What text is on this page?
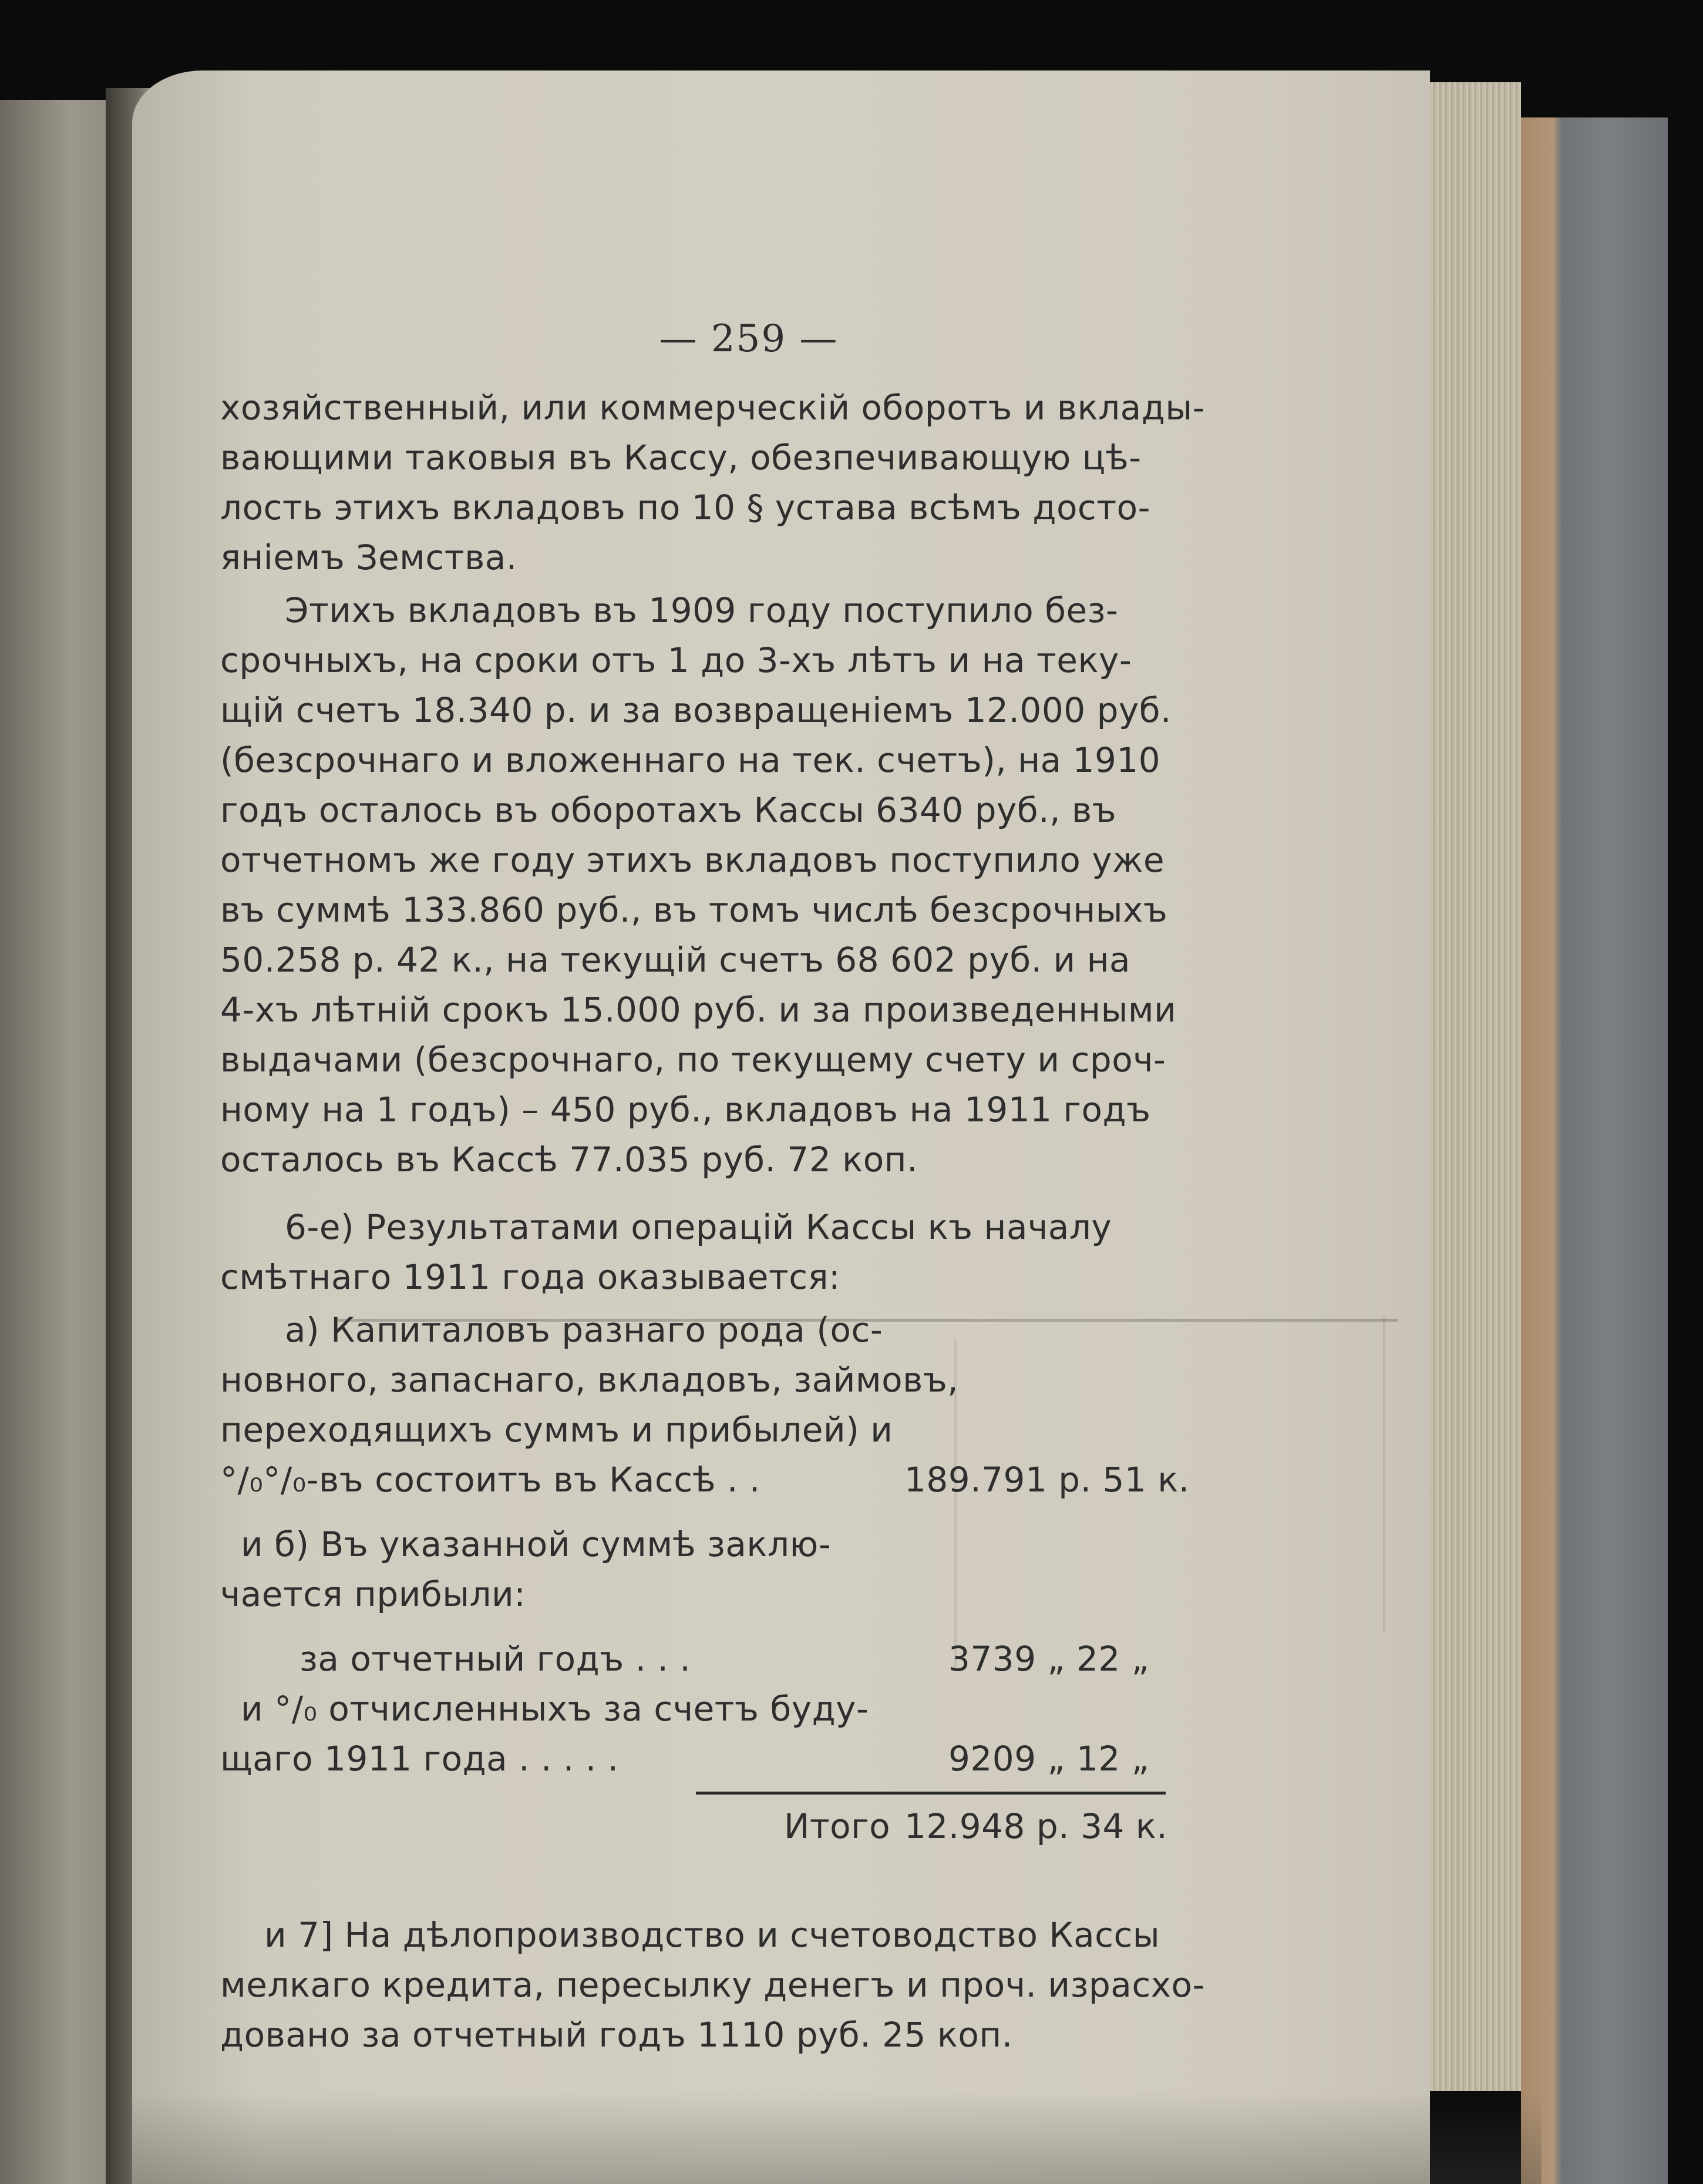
— 259 —
хозяйственный, или коммерческій оборотъ и вклады-
вающими таковыя въ Кассу, обезпечивающую цѣ-
лость этихъ вкладовъ по 10 § устава всѣмъ досто-
яніемъ Земства.
Этихъ вкладовъ въ 1909 году поступило без-
срочныхъ, на сроки отъ 1 до 3-хъ лѣтъ и на теку-
щій счетъ 18.340 р. и за возвращеніемъ 12.000 руб.
(безсрочнаго и вложеннаго на тек. счетъ), на 1910
годъ осталось въ оборотахъ Кассы 6340 руб., въ
отчетномъ же году этихъ вкладовъ поступило уже
въ суммѣ 133.860 руб., въ томъ числѣ безсрочныхъ
50.258 р. 42 к., на текущій счетъ 68 602 руб. и на
4-хъ лѣтній срокъ 15.000 руб. и за произведенными
выдачами (безсрочнаго, по текущему счету и сроч-
ному на 1 годъ) – 450 руб., вкладовъ на 1911 годъ
осталось въ Кассѣ 77.035 руб. 72 коп.
6-е) Результатами операцій Кассы къ началу
смѣтнаго 1911 года оказывается:
а) Капиталовъ разнаго рода (ос-
новного, запаснаго, вкладовъ, займовъ,
переходящихъ суммъ и прибылей) и
°/₀°/₀-въ состоитъ въ Кассѣ . .	189.791 р. 51 к.
и б) Въ указанной суммѣ заклю-
чается прибыли:
за отчетный годъ . . .	3739 „ 22 „
и °/₀ отчисленныхъ за счетъ буду-
щаго 1911 года . . . . .	9209 „ 12 „
Итого 12.948 р. 34 к.
и 7] На дѣлопроизводство и счетоводство Кассы
мелкаго кредита, пересылку денегъ и проч. израсхо-
довано за отчетный годъ 1110 руб. 25 коп.
